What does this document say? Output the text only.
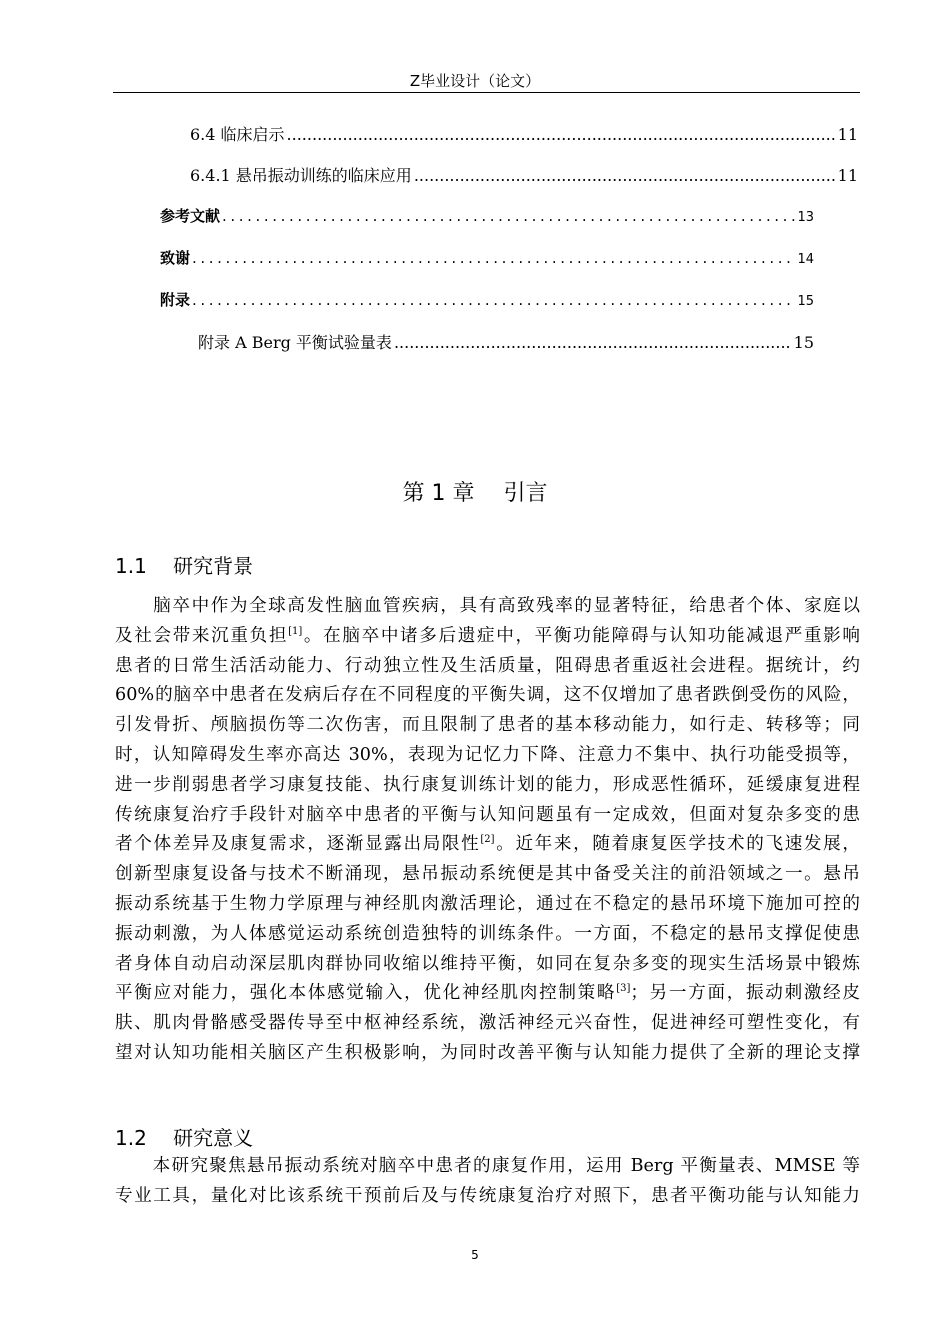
Z毕业设计（论文）
6.4 临床启示 .....	11
6.4.1 悬吊振动训练的临床应用 .....	11
参考文献 .....	13
致谢 .....	14
附录 .....	15
附录 A Berg 平衡试验量表 .....	15
第 1 章　 引言
1.1　 研究背景
　　脑卒中作为全球高发性脑血管疾病，具有高致残率的显著特征，给患者个体、家庭以
及社会带来沉重负担[1]。在脑卒中诸多后遗症中，平衡功能障碍与认知功能减退严重影响
患者的日常生活活动能力、行动独立性及生活质量，阻碍患者重返社会进程。据统计，约
60%的脑卒中患者在发病后存在不同程度的平衡失调，这不仅增加了患者跌倒受伤的风险，
引发骨折、颅脑损伤等二次伤害，而且限制了患者的基本移动能力，如行走、转移等；同
时，认知障碍发生率亦高达 30%，表现为记忆力下降、注意力不集中、执行功能受损等，
进一步削弱患者学习康复技能、执行康复训练计划的能力，形成恶性循环，延缓康复进程
传统康复治疗手段针对脑卒中患者的平衡与认知问题虽有一定成效，但面对复杂多变的患
者个体差异及康复需求，逐渐显露出局限性[2]。近年来，随着康复医学技术的飞速发展，
创新型康复设备与技术不断涌现，悬吊振动系统便是其中备受关注的前沿领域之一。悬吊
振动系统基于生物力学原理与神经肌肉激活理论，通过在不稳定的悬吊环境下施加可控的
振动刺激，为人体感觉运动系统创造独特的训练条件。一方面，不稳定的悬吊支撑促使患
者身体自动启动深层肌肉群协同收缩以维持平衡，如同在复杂多变的现实生活场景中锻炼
平衡应对能力，强化本体感觉输入，优化神经肌肉控制策略[3]；另一方面，振动刺激经皮
肤、肌肉骨骼感受器传导至中枢神经系统，激活神经元兴奋性，促进神经可塑性变化，有
望对认知功能相关脑区产生积极影响，为同时改善平衡与认知能力提供了全新的理论支撑
1.2　 研究意义
　　本研究聚焦悬吊振动系统对脑卒中患者的康复作用，运用 Berg 平衡量表、MMSE 等
专业工具，量化对比该系统干预前后及与传统康复治疗对照下，患者平衡功能与认知能力
5
